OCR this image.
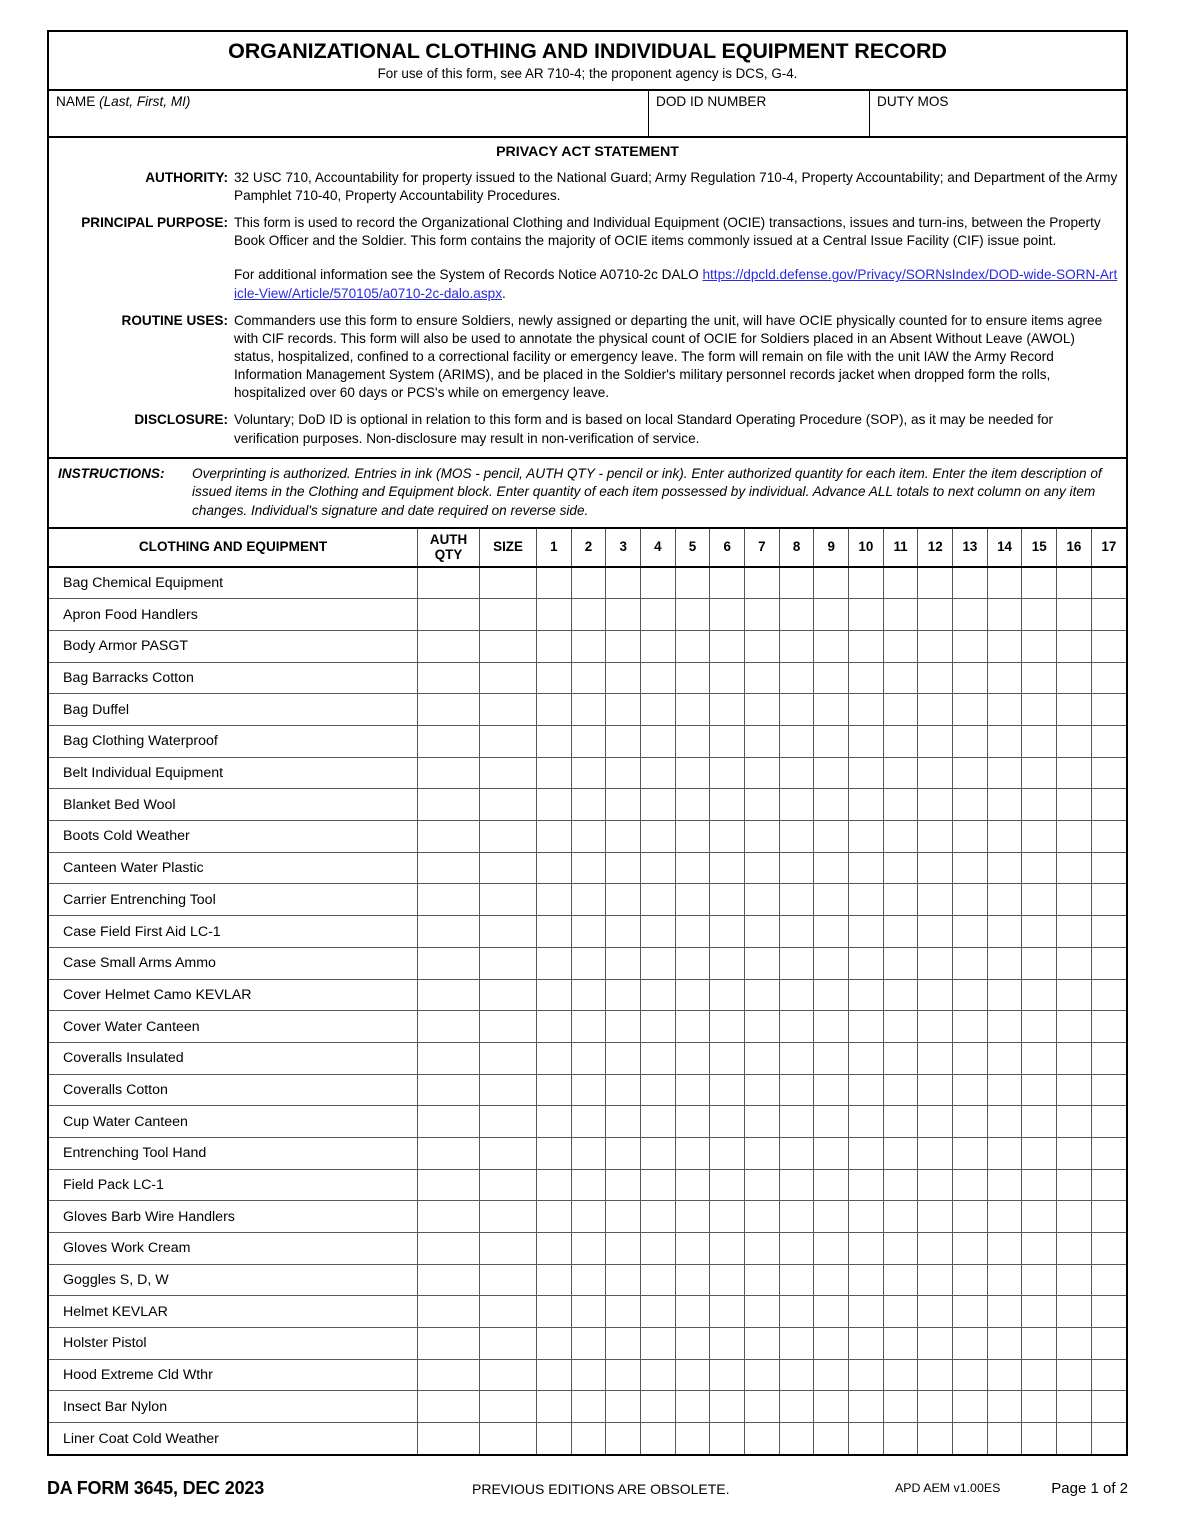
ORGANIZATIONAL CLOTHING AND INDIVIDUAL EQUIPMENT RECORD
For use of this form, see AR 710-4; the proponent agency is DCS, G-4.
NAME (Last, First, MI)	DOD ID NUMBER	DUTY MOS
PRIVACY ACT STATEMENT
AUTHORITY: 32 USC 710, Accountability for property issued to the National Guard; Army Regulation 710-4, Property Accountability; and Department of the Army Pamphlet 710-40, Property Accountability Procedures.
PRINCIPAL PURPOSE: This form is used to record the Organizational Clothing and Individual Equipment (OCIE) transactions, issues and turn-ins, between the Property Book Officer and the Soldier. This form contains the majority of OCIE items commonly issued at a Central Issue Facility (CIF) issue point.

For additional information see the System of Records Notice A0710-2c DALO https://dpcld.defense.gov/Privacy/SORNsIndex/DOD-wide-SORN-Article-View/Article/570105/a0710-2c-dalo.aspx.

ROUTINE USES: Commanders use this form to ensure Soldiers, newly assigned or departing the unit, will have OCIE physically counted for to ensure items agree with CIF records. This form will also be used to annotate the physical count of OCIE for Soldiers placed in an Absent Without Leave (AWOL) status, hospitalized, confined to a correctional facility or emergency leave. The form will remain on file with the unit IAW the Army Record Information Management System (ARIMS), and be placed in the Soldier's military personnel records jacket when dropped form the rolls, hospitalized over 60 days or PCS's while on emergency leave.
DISCLOSURE: Voluntary; DoD ID is optional in relation to this form and is based on local Standard Operating Procedure (SOP), as it may be needed for verification purposes. Non-disclosure may result in non-verification of service.
INSTRUCTIONS:	Overprinting is authorized. Entries in ink (MOS - pencil, AUTH QTY - pencil or ink). Enter authorized quantity for each item. Enter the item description of issued items in the Clothing and Equipment block. Enter quantity of each item possessed by individual. Advance ALL totals to next column on any item changes. Individual's signature and date required on reverse side.
CLOTHING AND EQUIPMENT	AUTH
QTY	SIZE	1	2	3	4	5	6	7	8	9	10	11	12	13	14	15	16	17
Bag Chemical Equipment																			
Apron Food Handlers																			
Body Armor PASGT																			
Bag Barracks Cotton																			
Bag Duffel																			
Bag Clothing Waterproof																			
Belt Individual Equipment																			
Blanket Bed Wool																			
Boots Cold Weather																			
Canteen Water Plastic																			
Carrier Entrenching Tool																			
Case Field First Aid LC-1																			
Case Small Arms Ammo																			
Cover Helmet Camo KEVLAR																			
Cover Water Canteen																			
Coveralls Insulated																			
Coveralls Cotton																			
Cup Water Canteen																			
Entrenching Tool Hand																			
Field Pack LC-1																			
Gloves Barb Wire Handlers																			
Gloves Work Cream																			
Goggles S, D, W																			
Helmet KEVLAR																			
Holster Pistol																			
Hood Extreme Cld Wthr																			
Insect Bar Nylon																			
Liner Coat Cold Weather																			
DA FORM 3645, DEC 2023	PREVIOUS EDITIONS ARE OBSOLETE.	APD AEM v1.00ES	Page 1 of 2
